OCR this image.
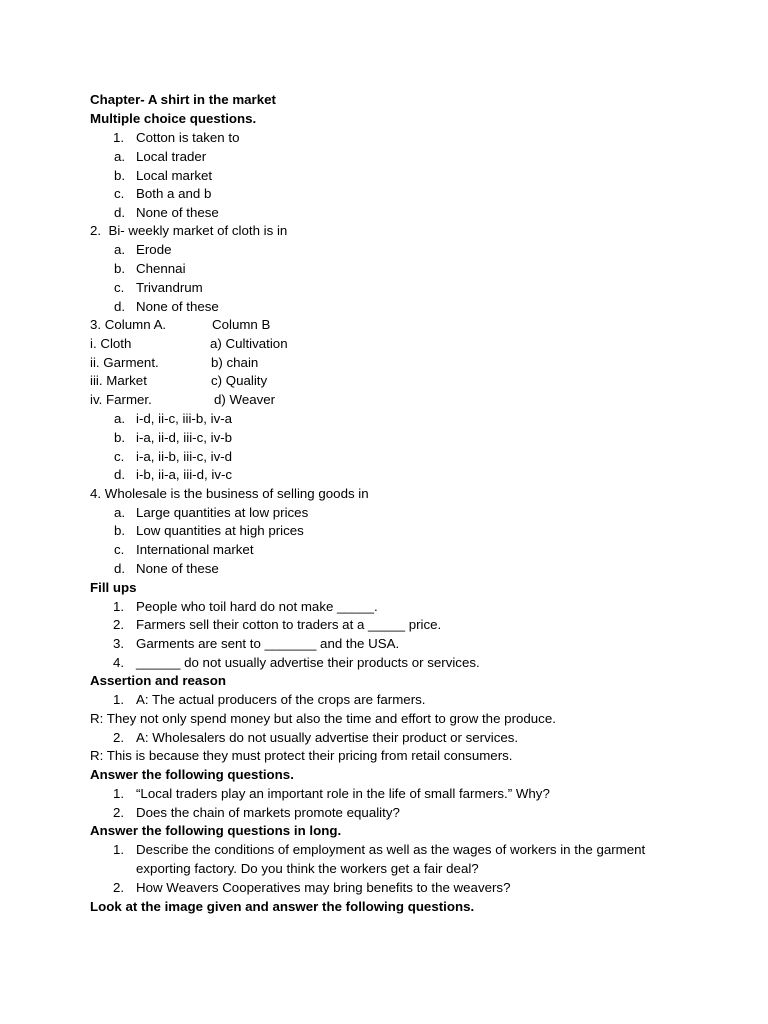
Chapter- A shirt in the market
Multiple choice questions.
1. Cotton is taken to
a. Local trader
b. Local market
c. Both a and b
d. None of these
2.  Bi- weekly market of cloth is in
a. Erode
b. Chennai
c. Trivandrum
d. None of these
3. Column A.	Column B
i. Cloth	a) Cultivation
ii. Garment.	b) chain
iii. Market	c) Quality
iv. Farmer.	d) Weaver
a. i-d, ii-c, iii-b, iv-a
b. i-a, ii-d, iii-c, iv-b
c. i-a, ii-b, iii-c, iv-d
d. i-b, ii-a, iii-d, iv-c
4. Wholesale is the business of selling goods in
a. Large quantities at low prices
b. Low quantities at high prices
c. International market
d. None of these
Fill ups
1. People who toil hard do not make _____.
2. Farmers sell their cotton to traders at a _____ price.
3. Garments are sent to _______ and the USA.
4. ______ do not usually advertise their products or services.
Assertion and reason
1. A: The actual producers of the crops are farmers.
R: They not only spend money but also the time and effort to grow the produce.
2. A: Wholesalers do not usually advertise their product or services.
R: This is because they must protect their pricing from retail consumers.
Answer the following questions.
1. “Local traders play an important role in the life of small farmers.” Why?
2. Does the chain of markets promote equality?
Answer the following questions in long.
1. Describe the conditions of employment as well as the wages of workers in the garment
exporting factory. Do you think the workers get a fair deal?
2. How Weavers Cooperatives may bring benefits to the weavers?
Look at the image given and answer the following questions.
